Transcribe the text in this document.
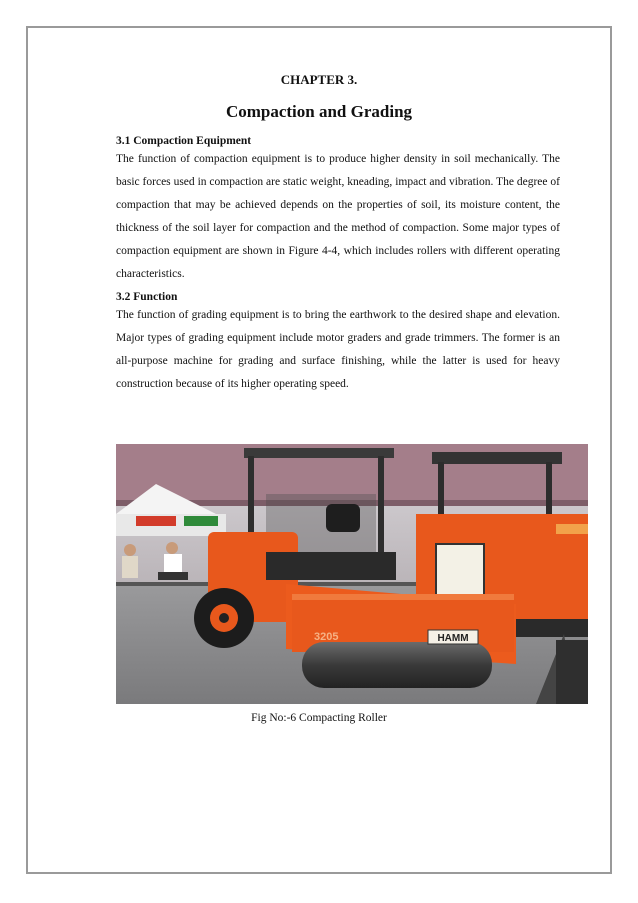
CHAPTER 3.
Compaction and Grading
3.1 Compaction Equipment

The function of compaction equipment is to produce higher density in soil mechanically. The basic forces used in compaction are static weight, kneading, impact and vibration. The degree of compaction that may be achieved depends on the properties of soil, its moisture content, the thickness of the soil layer for compaction and the method of compaction. Some major types of compaction equipment are shown in Figure 4-4, which includes rollers with different operating characteristics.

3.2 Function

The function of grading equipment is to bring the earthwork to the desired shape and elevation. Major types of grading equipment include motor graders and grade trimmers. The former is an all-purpose machine for grading and surface finishing, while the latter is used for heavy construction because of its higher operating speed.

HAMM
3205
Fig No:-6 Compacting Roller
